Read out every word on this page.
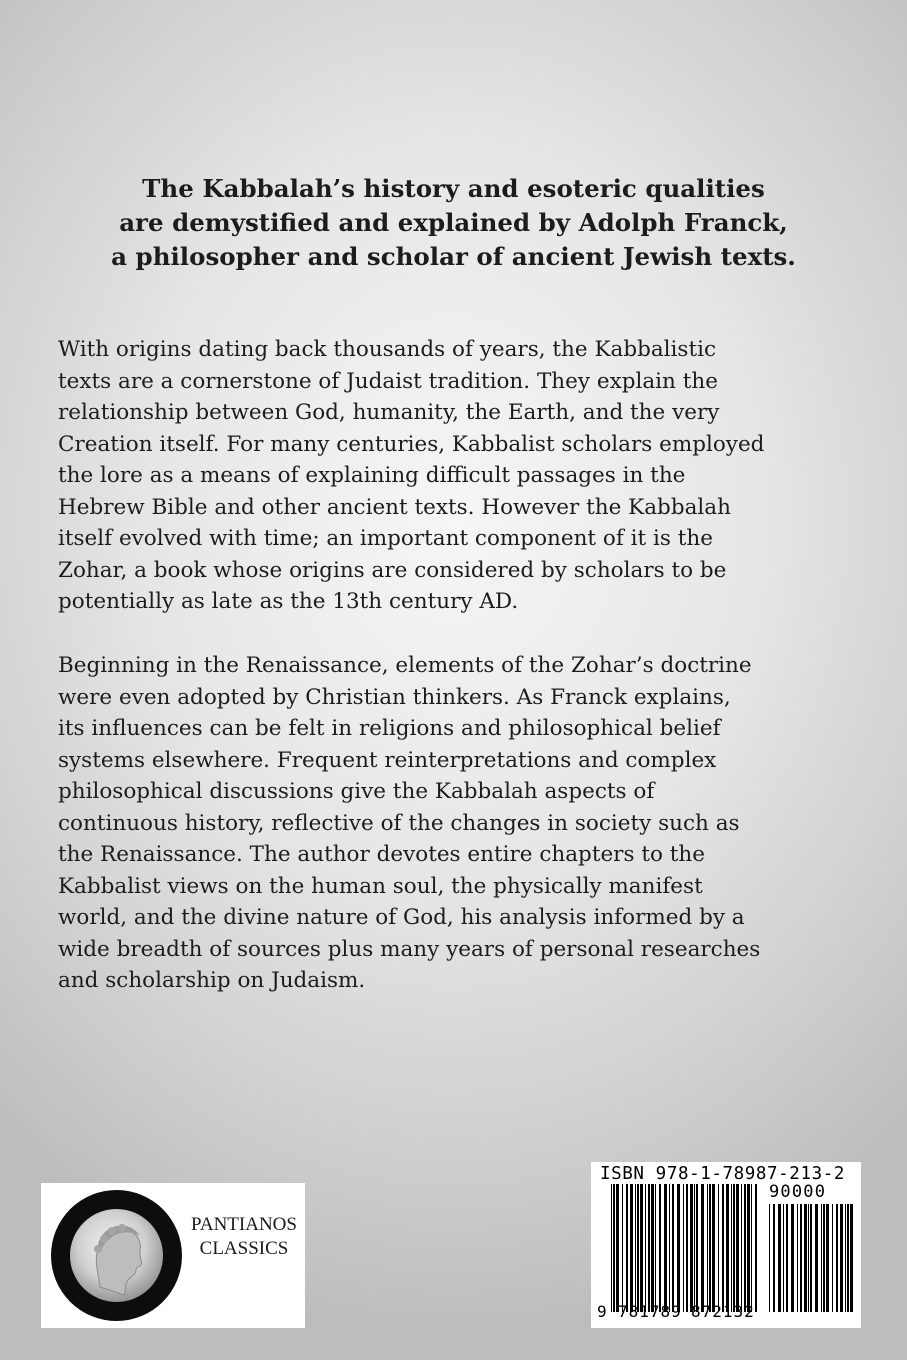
The Kabbalah’s history and esoteric qualities
are demystified and explained by Adolph Franck,
a philosopher and scholar of ancient Jewish texts.
With origins dating back thousands of years, the Kabbalistic
texts are a cornerstone of Judaist tradition. They explain the
relationship between God, humanity, the Earth, and the very
Creation itself. For many centuries, Kabbalist scholars employed
the lore as a means of explaining difficult passages in the
Hebrew Bible and other ancient texts. However the Kabbalah
itself evolved with time; an important component of it is the
Zohar, a book whose origins are considered by scholars to be
potentially as late as the 13th century AD.
Beginning in the Renaissance, elements of the Zohar’s doctrine
were even adopted by Christian thinkers. As Franck explains,
its influences can be felt in religions and philosophical belief
systems elsewhere. Frequent reinterpretations and complex
philosophical discussions give the Kabbalah aspects of
continuous history, reflective of the changes in society such as
the Renaissance. The author devotes entire chapters to the
Kabbalist views on the human soul, the physically manifest
world, and the divine nature of God, his analysis informed by a
wide breadth of sources plus many years of personal researches
and scholarship on Judaism.
PANTIANOS
CLASSICS
ISBN 978-1-78987-213-2
90000
9 781789 872132
